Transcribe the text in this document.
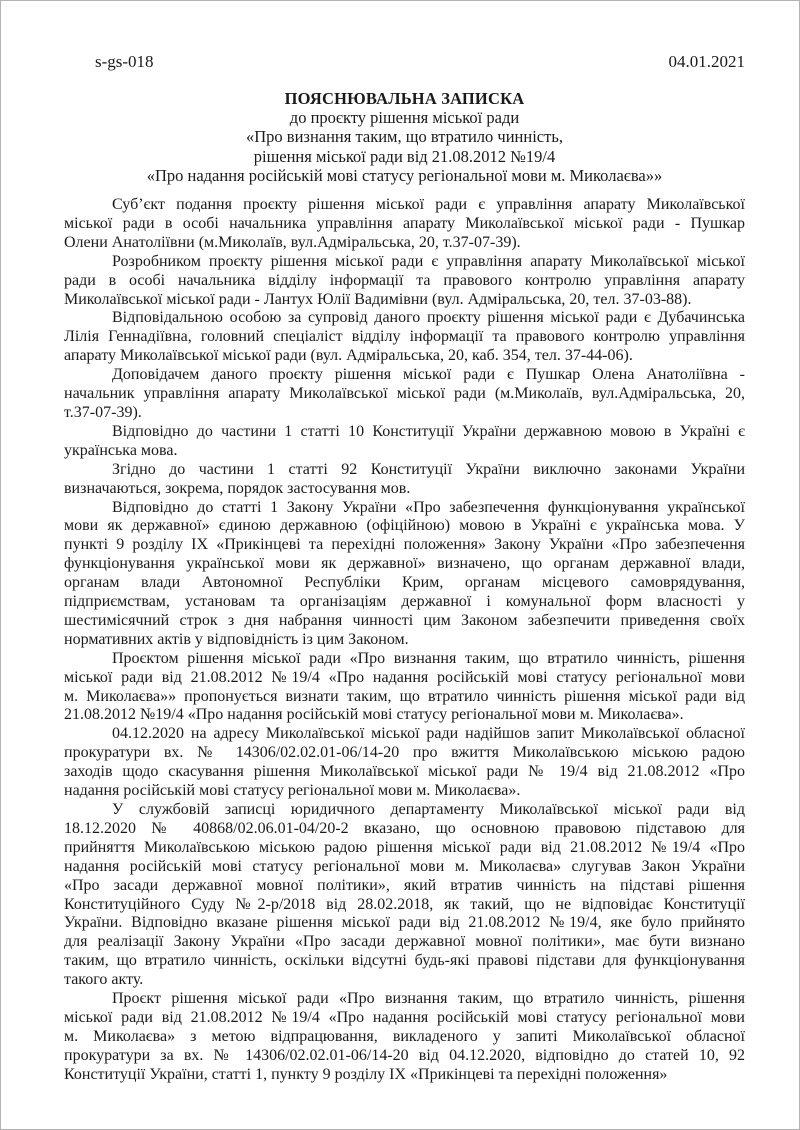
s-gs-018	04.01.2021
ПОЯСНЮВАЛЬНА ЗАПИСКА
до проєкту рішення міської ради
«Про визнання таким, що втратило чинність,
рішення міської ради від 21.08.2012 №19/4
«Про надання російській мові статусу регіональної мови м. Миколаєва»»
Суб’єкт подання проєкту рішення міської ради є управління апарату Миколаївської
міської ради в особі начальника управління апарату Миколаївської міської ради - Пушкар
Олени Анатоліївни (м.Миколаїв, вул.Адміральська, 20, т.37-07-39).
Розробником проєкту рішення міської ради є управління апарату Миколаївської міської
ради в особі начальника відділу інформації та правового контролю управління апарату
Миколаївської міської ради - Лантух Юлії Вадимівни (вул. Адміральська, 20, тел. 37-03-88).
Відповідальною особою за супровід даного проєкту рішення міської ради є Дубачинська
Лілія Геннадіївна, головний спеціаліст відділу інформації та правового контролю управління
апарату Миколаївської міської ради (вул. Адміральська, 20, каб. 354, тел. 37-44-06).
Доповідачем даного проєкту рішення міської ради є Пушкар Олена Анатоліївна -
начальник управління апарату Миколаївської міської ради (м.Миколаїв, вул.Адміральська, 20,
т.37-07-39).
Відповідно до частини 1 статті 10 Конституції України державною мовою в Україні є
українська мова.
Згідно до частини 1 статті 92 Конституції України виключно законами України
визначаються, зокрема, порядок застосування мов.
Відповідно до статті 1 Закону України «Про забезпечення функціонування української
мови як державної» єдиною державною (офіційною) мовою в Україні є українська мова. У
пункті 9 розділу ІХ «Прикінцеві та перехідні положення» Закону України «Про забезпечення
функціонування української мови як державної» визначено, що органам державної влади,
органам влади Автономної Республіки Крим, органам місцевого самоврядування,
підприємствам, установам та організаціям державної і комунальної форм власності у
шестимісячний строк з дня набрання чинності цим Законом забезпечити приведення своїх
нормативних актів у відповідність із цим Законом.
Проєктом рішення міської ради «Про визнання таким, що втратило чинність, рішення
міської ради від 21.08.2012 №19/4 «Про надання російській мові статусу регіональної мови
м. Миколаєва»» пропонується визнати таким, що втратило чинність рішення міської ради від
21.08.2012 №19/4 «Про надання російській мові статусу регіональної мови м. Миколаєва».
04.12.2020 на адресу Миколаївської міської ради надійшов запит Миколаївської обласної
прокуратури вх. № 14306/02.02.01-06/14-20 про вжиття Миколаївською міською радою
заходів щодо скасування рішення Миколаївської міської ради № 19/4 від 21.08.2012 «Про
надання російській мові статусу регіональної мови м. Миколаєва».
У службовій записці юридичного департаменту Миколаївської міської ради від
18.12.2020 № 40868/02.06.01-04/20-2 вказано, що основною правовою підставою для
прийняття Миколаївською міською радою рішення міської ради від 21.08.2012 №19/4 «Про
надання російській мові статусу регіональної мови м. Миколаєва» слугував Закон України
«Про засади державної мовної політики», який втратив чинність на підставі рішення
Конституційного Суду №2-р/2018 від 28.02.2018, як такий, що не відповідає Конституції
України. Відповідно вказане рішення міської ради від 21.08.2012 №19/4, яке було прийнято
для реалізації Закону України «Про засади державної мовної політики», має бути визнано
таким, що втратило чинність, оскільки відсутні будь-які правові підстави для функціонування
такого акту.
Проєкт рішення міської ради «Про визнання таким, що втратило чинність, рішення
міської ради від 21.08.2012 №19/4 «Про надання російській мові статусу регіональної мови
м. Миколаєва» з метою відпрацювання, викладеного у запиті Миколаївської обласної
прокуратури за вх. № 14306/02.02.01-06/14-20 від 04.12.2020, відповідно до статей 10, 92
Конституції України, статті 1, пункту 9 розділу ІХ «Прикінцеві та перехідні положення»
